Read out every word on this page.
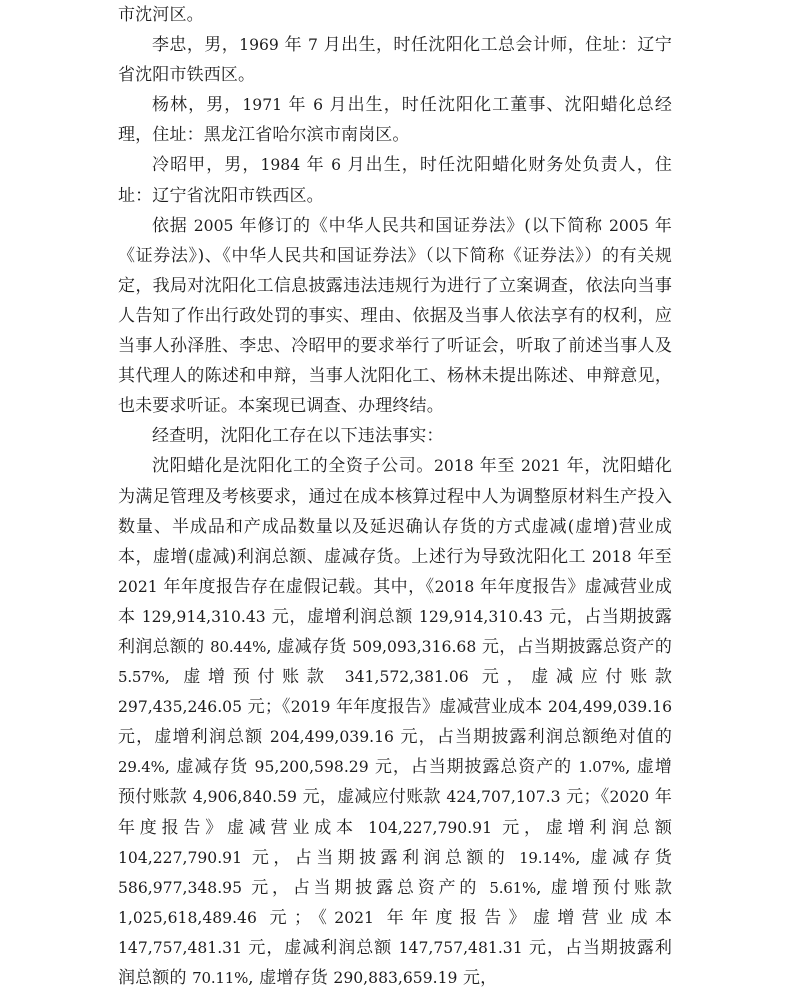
市沈河区。

李忠，男，1969 年 7 月出生，时任沈阳化工总会计师，住址：辽宁省沈阳市铁西区。

杨林，男，1971 年 6 月出生，时任沈阳化工董事、沈阳蜡化总经理，住址：黑龙江省哈尔滨市南岗区。

冷昭甲，男，1984 年 6 月出生，时任沈阳蜡化财务处负责人，住址：辽宁省沈阳市铁西区。

依据 2005 年修订的《中华人民共和国证券法》(以下简称 2005 年《证券法》)、《中华人民共和国证券法》（以下简称《证券法》）的有关规定，我局对沈阳化工信息披露违法违规行为进行了立案调查，依法向当事人告知了作出行政处罚的事实、理由、依据及当事人依法享有的权利，应当事人孙泽胜、李忠、冷昭甲的要求举行了听证会，听取了前述当事人及其代理人的陈述和申辩，当事人沈阳化工、杨林未提出陈述、申辩意见，也未要求听证。本案现已调查、办理终结。

经查明，沈阳化工存在以下违法事实：

沈阳蜡化是沈阳化工的全资子公司。2018 年至 2021 年，沈阳蜡化为满足管理及考核要求，通过在成本核算过程中人为调整原材料生产投入数量、半成品和产成品数量以及延迟确认存货的方式虚减(虚增)营业成本，虚增(虚减)利润总额、虚减存货。上述行为导致沈阳化工 2018 年至 2021 年年度报告存在虚假记载。其中，《2018 年年度报告》虚减营业成本 129,914,310.43 元，虚增利润总额 129,914,310.43 元，占当期披露利润总额的 80.44%, 虚减存货 509,093,316.68 元，占当期披露总资产的 5.57%, 虚增预付账款 341,572,381.06 元，虚减应付账款 297,435,246.05 元；《2019 年年度报告》虚减营业成本 204,499,039.16 元，虚增利润总额 204,499,039.16 元，占当期披露利润总额绝对值的 29.4%, 虚减存货 95,200,598.29 元，占当期披露总资产的 1.07%, 虚增预付账款 4,906,840.59 元，虚减应付账款 424,707,107.3 元；《2020 年年度报告》虚减营业成本 104,227,790.91 元，虚增利润总额 104,227,790.91 元，占当期披露利润总额的 19.14%, 虚减存货 586,977,348.95 元，占当期披露总资产的 5.61%, 虚增预付账款 1,025,618,489.46 元；《2021 年年度报告》虚增营业成本 147,757,481.31 元，虚减利润总额 147,757,481.31 元，占当期披露利润总额的 70.11%, 虚增存货 290,883,659.19 元，
